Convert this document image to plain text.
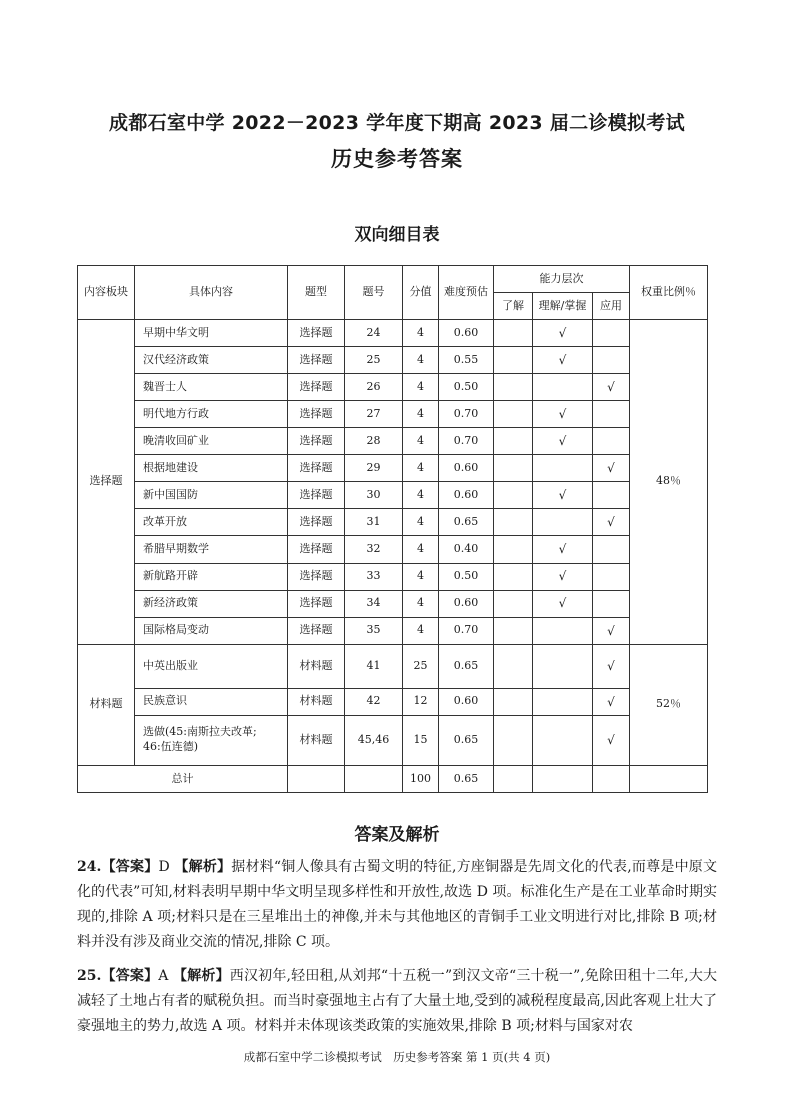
成都石室中学 2022－2023 学年度下期高 2023 届二诊模拟考试
历史参考答案
双向细目表
内容板块	具体内容	题型	题号	分值	难度预估	能力层次			权重比例％
						了解	理解/掌握	应用	
选择题	早期中华文明	选择题	24	4	0.60		√		48％
	汉代经济政策	选择题	25	4	0.55		√		
	魏晋士人	选择题	26	4	0.50			√	
	明代地方行政	选择题	27	4	0.70		√		
	晚清收回矿业	选择题	28	4	0.70		√		
	根据地建设	选择题	29	4	0.60			√	
	新中国国防	选择题	30	4	0.60		√		
	改革开放	选择题	31	4	0.65			√	
	希腊早期数学	选择题	32	4	0.40		√		
	新航路开辟	选择题	33	4	0.50		√		
	新经济政策	选择题	34	4	0.60		√		
	国际格局变动	选择题	35	4	0.70			√	
材料题	中英出版业	材料题	41	25	0.65			√	52％
	民族意识	材料题	42	12	0.60			√	

	选做(45:南斯拉夫改革;
46:伍连德)	材料题	45,46	15	0.65			√	
总计				100	0.65				
答案及解析
24.【答案】D 【解析】据材料“铜人像具有古蜀文明的特征,方座铜器是先周文化的代表,而尊是中原文化的代表”可知,材料表明早期中华文明呈现多样性和开放性,故选 D 项。标准化生产是在工业革命时期实现的,排除 A 项;材料只是在三星堆出土的神像,并未与其他地区的青铜手工业文明进行对比,排除 B 项;材料并没有涉及商业交流的情况,排除 C 项。
25.【答案】A 【解析】西汉初年,轻田租,从刘邦“十五税一”到汉文帝“三十税一”,免除田租十二年,大大减轻了土地占有者的赋税负担。而当时豪强地主占有了大量土地,受到的减税程度最高,因此客观上壮大了豪强地主的势力,故选 A 项。材料并未体现该类政策的实施效果,排除 B 项;材料与国家对农
成都石室中学二诊模拟考试　历史参考答案 第 1 页(共 4 页)
